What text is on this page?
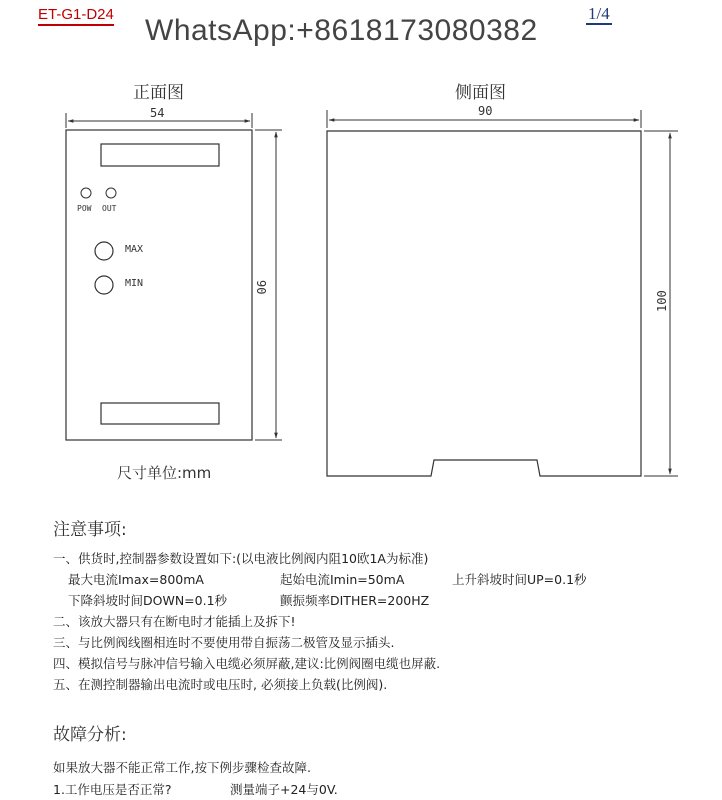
ET-G1-D24 WhatsApp:+8618173080382
1/4
正面图
54
90
POW OUT
MAX
MIN
侧面图
90
100
尺寸单位:mm
注意事项:
一、供货时,控制器参数设置如下:(以电液比例阀内阻10欧1A为标准)
最大电流Imax=800mA	起始电流Imin=50mA	上升斜坡时间UP=0.1秒
下降斜坡时间DOWN=0.1秒	颤振频率DITHER=200HZ
二、该放大器只有在断电时才能插上及拆下!
三、与比例阀线圈相连时不要使用带自振荡二极管及显示插头.
四、模拟信号与脉冲信号输入电缆必须屏蔽,建议:比例阀圈电缆也屏蔽.
五、在测控制器输出电流时或电压时, 必须接上负载(比例阀).
故障分析:
如果放大器不能正常工作,按下例步骤检查故障.
1.工作电压是否正常?	测量端子+24与0V.
